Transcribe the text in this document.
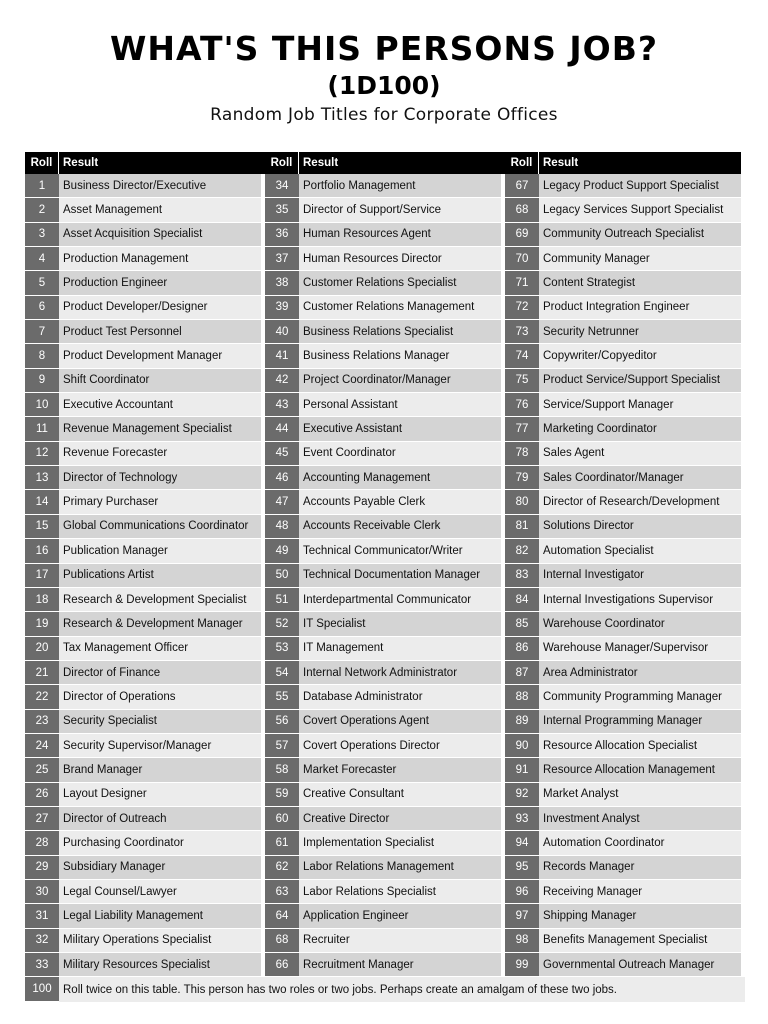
WHAT'S THIS PERSONS JOB?
(1D100)
Random Job Titles for Corporate Offices
Roll Result	Roll Result	Roll Result
1	Business Director/Executive	34	Portfolio Management	67	Legacy Product Support Specialist
2	Asset Management	35	Director of Support/Service	68	Legacy Services Support Specialist
3	Asset Acquisition Specialist	36	Human Resources Agent	69	Community Outreach Specialist
4	Production Management	37	Human Resources Director	70	Community Manager
5	Production Engineer	38	Customer Relations Specialist	71	Content Strategist
6	Product Developer/Designer	39	Customer Relations Management	72	Product Integration Engineer
7	Product Test Personnel	40	Business Relations Specialist	73	Security Netrunner
8	Product Development Manager	41	Business Relations Manager	74	Copywriter/Copyeditor
9	Shift Coordinator	42	Project Coordinator/Manager	75	Product Service/Support Specialist
10	Executive Accountant	43	Personal Assistant	76	Service/Support Manager
11	Revenue Management Specialist	44	Executive Assistant	77	Marketing Coordinator
12	Revenue Forecaster	45	Event Coordinator	78	Sales Agent
13	Director of Technology	46	Accounting Management	79	Sales Coordinator/Manager
14	Primary Purchaser	47	Accounts Payable Clerk	80	Director of Research/Development
15	Global Communications Coordinator	48	Accounts Receivable Clerk	81	Solutions Director
16	Publication Manager	49	Technical Communicator/Writer	82	Automation Specialist
17	Publications Artist	50	Technical Documentation Manager	83	Internal Investigator
18	Research & Development Specialist	51	Interdepartmental Communicator	84	Internal Investigations Supervisor
19	Research & Development Manager	52	IT Specialist	85	Warehouse Coordinator
20	Tax Management Officer	53	IT Management	86	Warehouse Manager/Supervisor
21	Director of Finance	54	Internal Network Administrator	87	Area Administrator
22	Director of Operations	55	Database Administrator	88	Community Programming Manager
23	Security Specialist	56	Covert Operations Agent	89	Internal Programming Manager
24	Security Supervisor/Manager	57	Covert Operations Director	90	Resource Allocation Specialist
25	Brand Manager	58	Market Forecaster	91	Resource Allocation Management
26	Layout Designer	59	Creative Consultant	92	Market Analyst
27	Director of Outreach	60	Creative Director	93	Investment Analyst
28	Purchasing Coordinator	61	Implementation Specialist	94	Automation Coordinator
29	Subsidiary Manager	62	Labor Relations Management	95	Records Manager
30	Legal Counsel/Lawyer	63	Labor Relations Specialist	96	Receiving Manager
31	Legal Liability Management	64	Application Engineer	97	Shipping Manager
32	Military Operations Specialist	68	Recruiter	98	Benefits Management Specialist
33	Military Resources Specialist	66	Recruitment Manager	99	Governmental Outreach Manager
100 Roll twice on this table. This person has two roles or two jobs. Perhaps create an amalgam of these two jobs.
